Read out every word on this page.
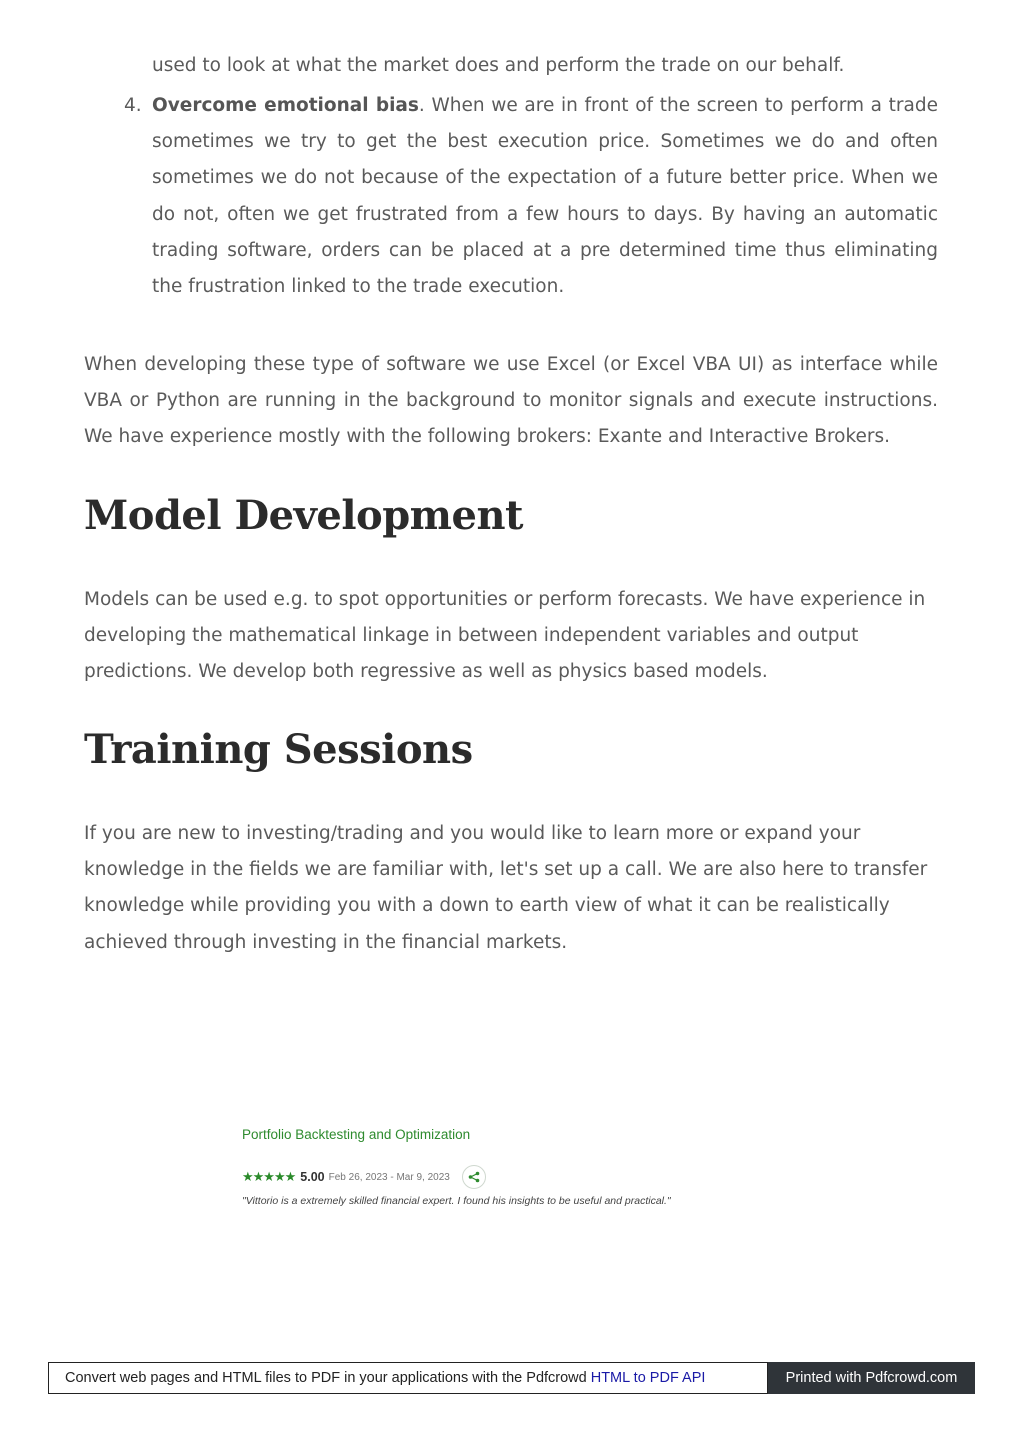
used to look at what the market does and perform the trade on our behalf.

4. Overcome emotional bias. When we are in front of the screen to perform a trade sometimes we try to get the best execution price. Sometimes we do and often sometimes we do not because of the expectation of a future better price. When we do not, often we get frustrated from a few hours to days. By having an automatic trading software, orders can be placed at a pre determined time thus eliminating the frustration linked to the trade execution.

When developing these type of software we use Excel (or Excel VBA UI) as interface while VBA or Python are running in the background to monitor signals and execute instructions. We have experience mostly with the following brokers: Exante and Interactive Brokers.

Model Development
Models can be used e.g. to spot opportunities or perform forecasts. We have experience in
developing the mathematical linkage in between independent variables and output
predictions. We develop both regressive as well as physics based models.
Training Sessions
If you are new to investing/trading and you would like to learn more or expand your
knowledge in the fields we are familiar with, let's set up a call. We are also here to transfer
knowledge while providing you with a down to earth view of what it can be realistically
achieved through investing in the financial markets.
Portfolio Backtesting and Optimization
★★★★★ 5.00 Feb 26, 2023 - Mar 9, 2023
"Vittorio is a extremely skilled financial expert. I found his insights to be useful and practical."
Convert web pages and HTML files to PDF in your applications with the Pdfcrowd HTML to PDF API	Printed with Pdfcrowd.com
